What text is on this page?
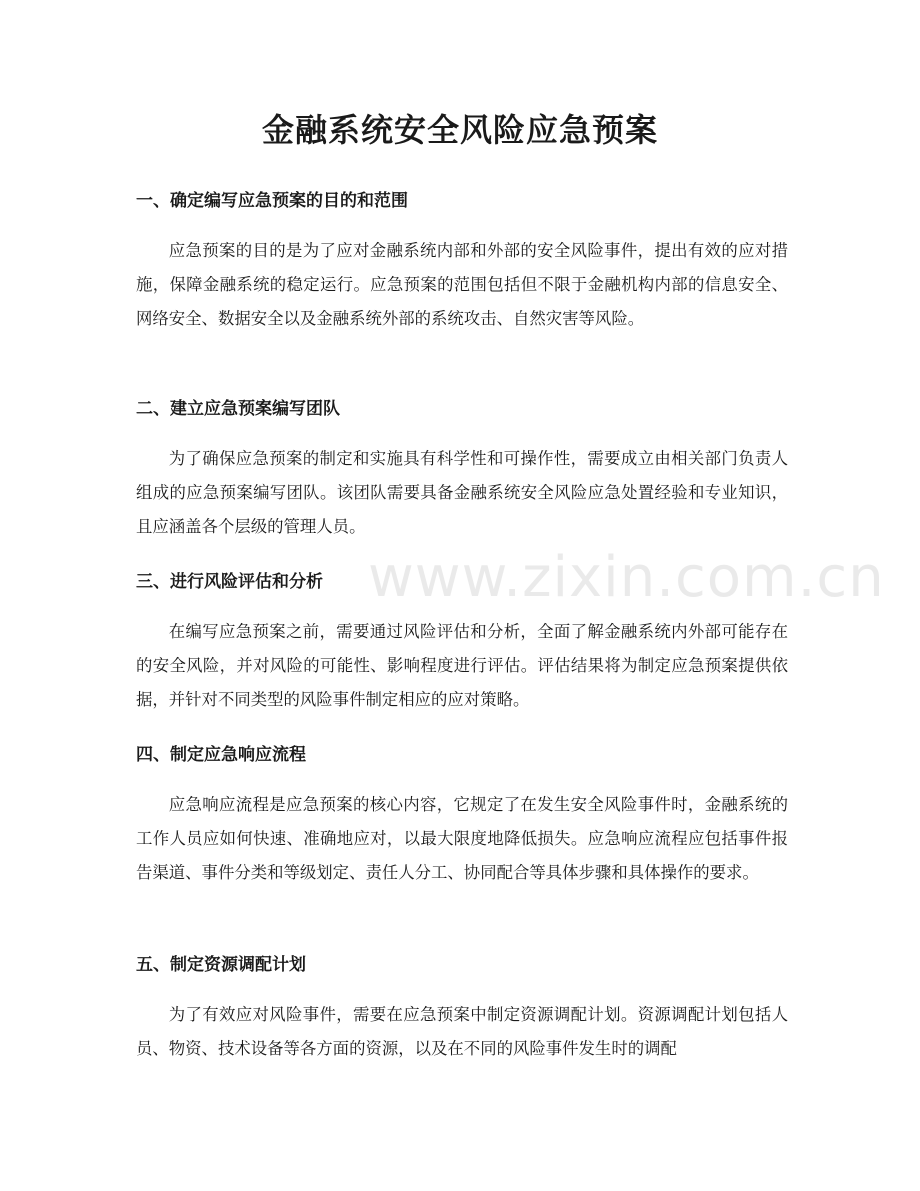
金融系统安全风险应急预案
一、确定编写应急预案的目的和范围

应急预案的目的是为了应对金融系统内部和外部的安全风险事件，提出有效的应对措施，保障金融系统的稳定运行。应急预案的范围包括但不限于金融机构内部的信息安全、网络安全、数据安全以及金融系统外部的系统攻击、自然灾害等风险。

二、建立应急预案编写团队

为了确保应急预案的制定和实施具有科学性和可操作性，需要成立由相关部门负责人组成的应急预案编写团队。该团队需要具备金融系统安全风险应急处置经验和专业知识，且应涵盖各个层级的管理人员。

三、进行风险评估和分析

在编写应急预案之前，需要通过风险评估和分析，全面了解金融系统内外部可能存在的安全风险，并对风险的可能性、影响程度进行评估。评估结果将为制定应急预案提供依据，并针对不同类型的风险事件制定相应的应对策略。

四、制定应急响应流程

应急响应流程是应急预案的核心内容，它规定了在发生安全风险事件时，金融系统的工作人员应如何快速、准确地应对，以最大限度地降低损失。应急响应流程应包括事件报告渠道、事件分类和等级划定、责任人分工、协同配合等具体步骤和具体操作的要求。

五、制定资源调配计划

为了有效应对风险事件，需要在应急预案中制定资源调配计划。资源调配计划包括人员、物资、技术设备等各方面的资源，以及在不同的风险事件发生时的调配

www.zixin.com.cn
